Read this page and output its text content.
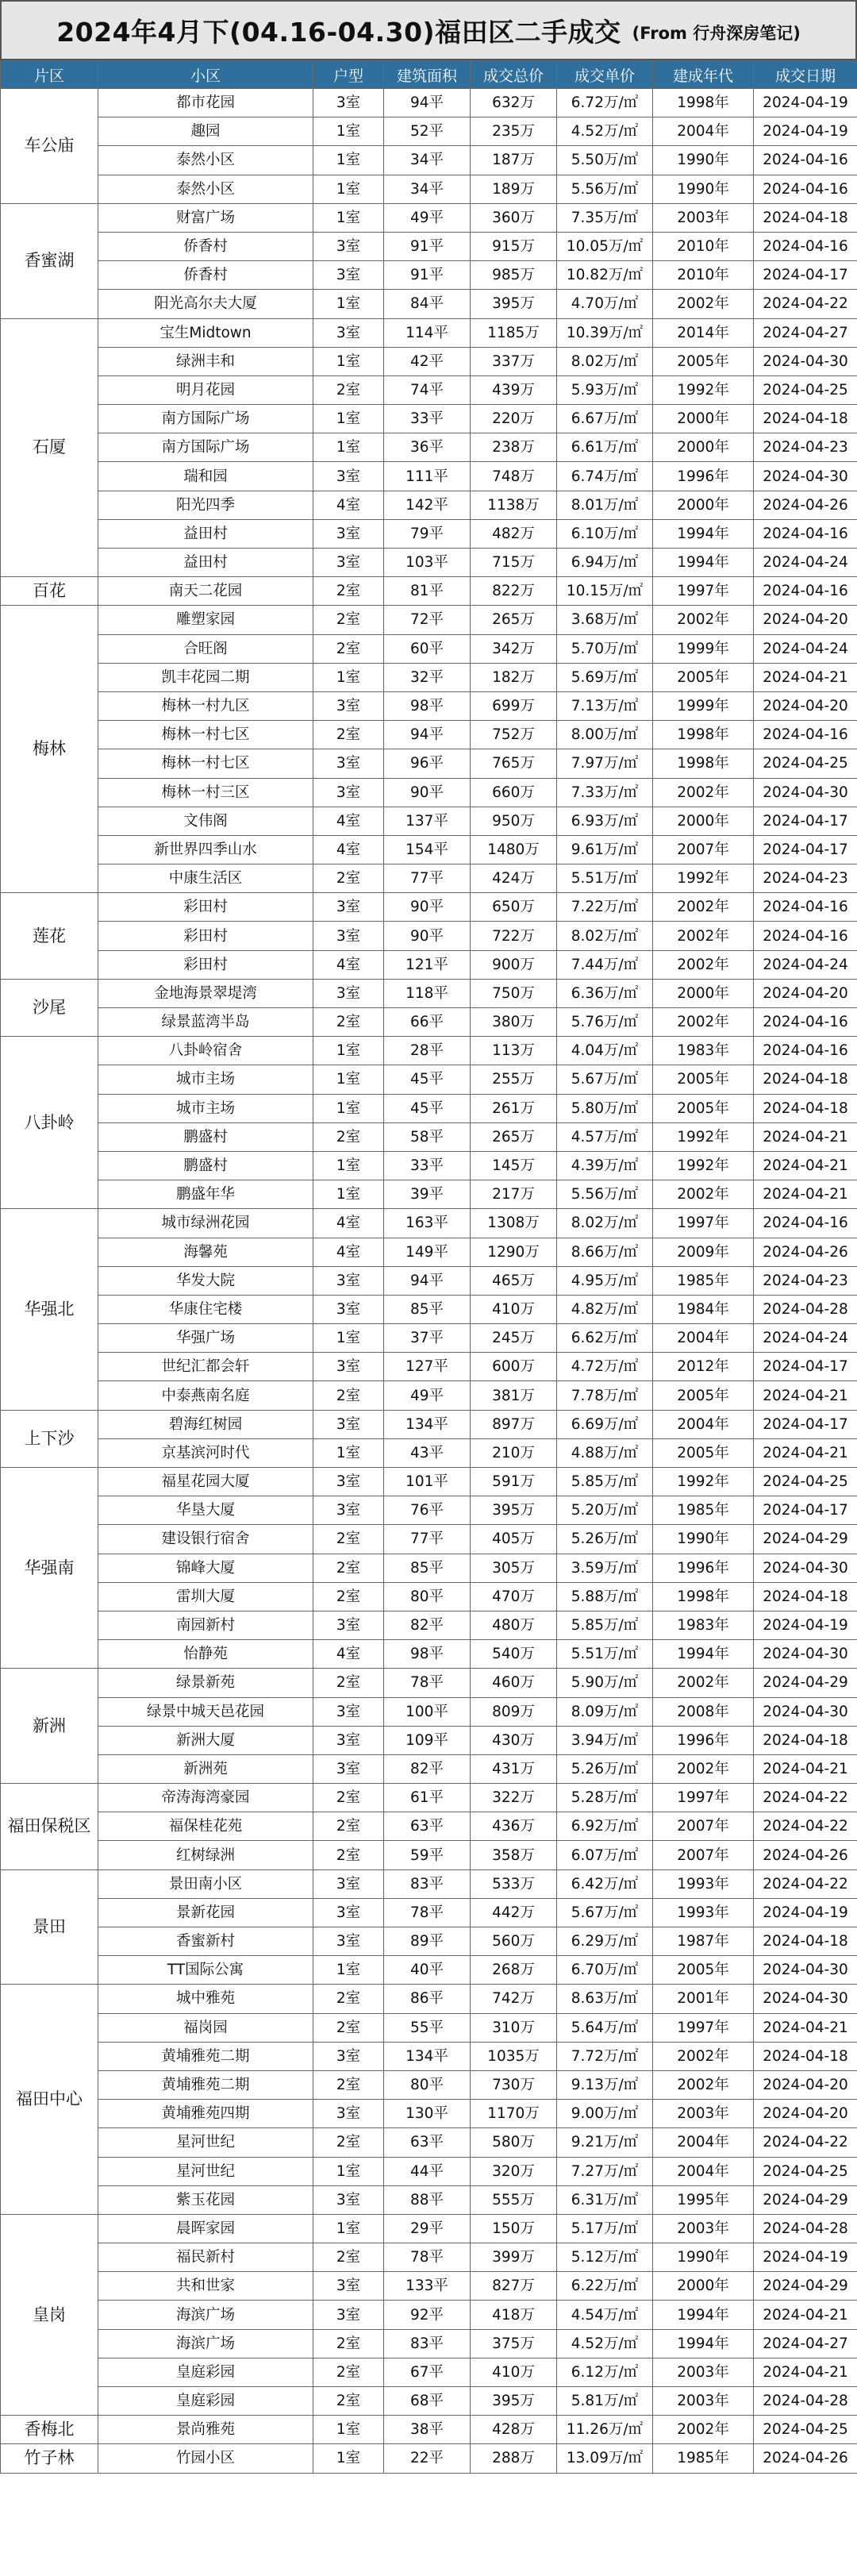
2024年4月下(04.16-04.30)福田区二手成交 (From 行舟深房笔记)
片区	小区	户型	建筑面积	成交总价	成交单价	建成年代	成交日期
车公庙	都市花园	3室	94平	632万	6.72万/㎡	1998年	2024-04-19
	趣园	1室	52平	235万	4.52万/㎡	2004年	2024-04-19
	泰然小区	1室	34平	187万	5.50万/㎡	1990年	2024-04-16
	泰然小区	1室	34平	189万	5.56万/㎡	1990年	2024-04-16
香蜜湖	财富广场	1室	49平	360万	7.35万/㎡	2003年	2024-04-18
	侨香村	3室	91平	915万	10.05万/㎡	2010年	2024-04-16
	侨香村	3室	91平	985万	10.82万/㎡	2010年	2024-04-17
	阳光高尔夫大厦	1室	84平	395万	4.70万/㎡	2002年	2024-04-22
石厦	宝生Midtown	3室	114平	1185万	10.39万/㎡	2014年	2024-04-27
	绿洲丰和	1室	42平	337万	8.02万/㎡	2005年	2024-04-30
	明月花园	2室	74平	439万	5.93万/㎡	1992年	2024-04-25
	南方国际广场	1室	33平	220万	6.67万/㎡	2000年	2024-04-18
	南方国际广场	1室	36平	238万	6.61万/㎡	2000年	2024-04-23
	瑞和园	3室	111平	748万	6.74万/㎡	1996年	2024-04-30
	阳光四季	4室	142平	1138万	8.01万/㎡	2000年	2024-04-26
	益田村	3室	79平	482万	6.10万/㎡	1994年	2024-04-16
	益田村	3室	103平	715万	6.94万/㎡	1994年	2024-04-24
百花	南天二花园	2室	81平	822万	10.15万/㎡	1997年	2024-04-16
梅林	雕塑家园	2室	72平	265万	3.68万/㎡	2002年	2024-04-20
	合旺阁	2室	60平	342万	5.70万/㎡	1999年	2024-04-24
	凯丰花园二期	1室	32平	182万	5.69万/㎡	2005年	2024-04-21
	梅林一村九区	3室	98平	699万	7.13万/㎡	1999年	2024-04-20
	梅林一村七区	2室	94平	752万	8.00万/㎡	1998年	2024-04-16
	梅林一村七区	3室	96平	765万	7.97万/㎡	1998年	2024-04-25
	梅林一村三区	3室	90平	660万	7.33万/㎡	2002年	2024-04-30
	文伟阁	4室	137平	950万	6.93万/㎡	2000年	2024-04-17
	新世界四季山水	4室	154平	1480万	9.61万/㎡	2007年	2024-04-17
	中康生活区	2室	77平	424万	5.51万/㎡	1992年	2024-04-23
莲花	彩田村	3室	90平	650万	7.22万/㎡	2002年	2024-04-16
	彩田村	3室	90平	722万	8.02万/㎡	2002年	2024-04-16
	彩田村	4室	121平	900万	7.44万/㎡	2002年	2024-04-24
沙尾	金地海景翠堤湾	3室	118平	750万	6.36万/㎡	2000年	2024-04-20
	绿景蓝湾半岛	2室	66平	380万	5.76万/㎡	2002年	2024-04-16
八卦岭	八卦岭宿舍	1室	28平	113万	4.04万/㎡	1983年	2024-04-16
	城市主场	1室	45平	255万	5.67万/㎡	2005年	2024-04-18
	城市主场	1室	45平	261万	5.80万/㎡	2005年	2024-04-18
	鹏盛村	2室	58平	265万	4.57万/㎡	1992年	2024-04-21
	鹏盛村	1室	33平	145万	4.39万/㎡	1992年	2024-04-21
	鹏盛年华	1室	39平	217万	5.56万/㎡	2002年	2024-04-21
华强北	城市绿洲花园	4室	163平	1308万	8.02万/㎡	1997年	2024-04-16
	海馨苑	4室	149平	1290万	8.66万/㎡	2009年	2024-04-26
	华发大院	3室	94平	465万	4.95万/㎡	1985年	2024-04-23
	华康住宅楼	3室	85平	410万	4.82万/㎡	1984年	2024-04-28
	华强广场	1室	37平	245万	6.62万/㎡	2004年	2024-04-24
	世纪汇都会轩	3室	127平	600万	4.72万/㎡	2012年	2024-04-17
	中泰燕南名庭	2室	49平	381万	7.78万/㎡	2005年	2024-04-21
上下沙	碧海红树园	3室	134平	897万	6.69万/㎡	2004年	2024-04-17
	京基滨河时代	1室	43平	210万	4.88万/㎡	2005年	2024-04-21
华强南	福星花园大厦	3室	101平	591万	5.85万/㎡	1992年	2024-04-25
	华垦大厦	3室	76平	395万	5.20万/㎡	1985年	2024-04-17
	建设银行宿舍	2室	77平	405万	5.26万/㎡	1990年	2024-04-29
	锦峰大厦	2室	85平	305万	3.59万/㎡	1996年	2024-04-30
	雷圳大厦	2室	80平	470万	5.88万/㎡	1998年	2024-04-18
	南园新村	3室	82平	480万	5.85万/㎡	1983年	2024-04-19
	怡静苑	4室	98平	540万	5.51万/㎡	1994年	2024-04-30
新洲	绿景新苑	2室	78平	460万	5.90万/㎡	2002年	2024-04-29
	绿景中城天邑花园	3室	100平	809万	8.09万/㎡	2008年	2024-04-30
	新洲大厦	3室	109平	430万	3.94万/㎡	1996年	2024-04-18
	新洲苑	3室	82平	431万	5.26万/㎡	2002年	2024-04-21
福田保税区	帝涛海湾豪园	2室	61平	322万	5.28万/㎡	1997年	2024-04-22
	福保桂花苑	2室	63平	436万	6.92万/㎡	2007年	2024-04-22
	红树绿洲	2室	59平	358万	6.07万/㎡	2007年	2024-04-26
景田	景田南小区	3室	83平	533万	6.42万/㎡	1993年	2024-04-22
	景新花园	3室	78平	442万	5.67万/㎡	1993年	2024-04-19
	香蜜新村	3室	89平	560万	6.29万/㎡	1987年	2024-04-18
	TT国际公寓	1室	40平	268万	6.70万/㎡	2005年	2024-04-30
福田中心	城中雅苑	2室	86平	742万	8.63万/㎡	2001年	2024-04-30
	福岗园	2室	55平	310万	5.64万/㎡	1997年	2024-04-21
	黄埔雅苑二期	3室	134平	1035万	7.72万/㎡	2002年	2024-04-18
	黄埔雅苑二期	2室	80平	730万	9.13万/㎡	2002年	2024-04-20
	黄埔雅苑四期	3室	130平	1170万	9.00万/㎡	2003年	2024-04-20
	星河世纪	2室	63平	580万	9.21万/㎡	2004年	2024-04-22
	星河世纪	1室	44平	320万	7.27万/㎡	2004年	2024-04-25
	紫玉花园	3室	88平	555万	6.31万/㎡	1995年	2024-04-29
皇岗	晨晖家园	1室	29平	150万	5.17万/㎡	2003年	2024-04-28
	福民新村	2室	78平	399万	5.12万/㎡	1990年	2024-04-19
	共和世家	3室	133平	827万	6.22万/㎡	2000年	2024-04-29
	海滨广场	3室	92平	418万	4.54万/㎡	1994年	2024-04-21
	海滨广场	2室	83平	375万	4.52万/㎡	1994年	2024-04-27
	皇庭彩园	2室	67平	410万	6.12万/㎡	2003年	2024-04-21
	皇庭彩园	2室	68平	395万	5.81万/㎡	2003年	2024-04-28
香梅北	景尚雅苑	1室	38平	428万	11.26万/㎡	2002年	2024-04-25
竹子林	竹园小区	1室	22平	288万	13.09万/㎡	1985年	2024-04-26
